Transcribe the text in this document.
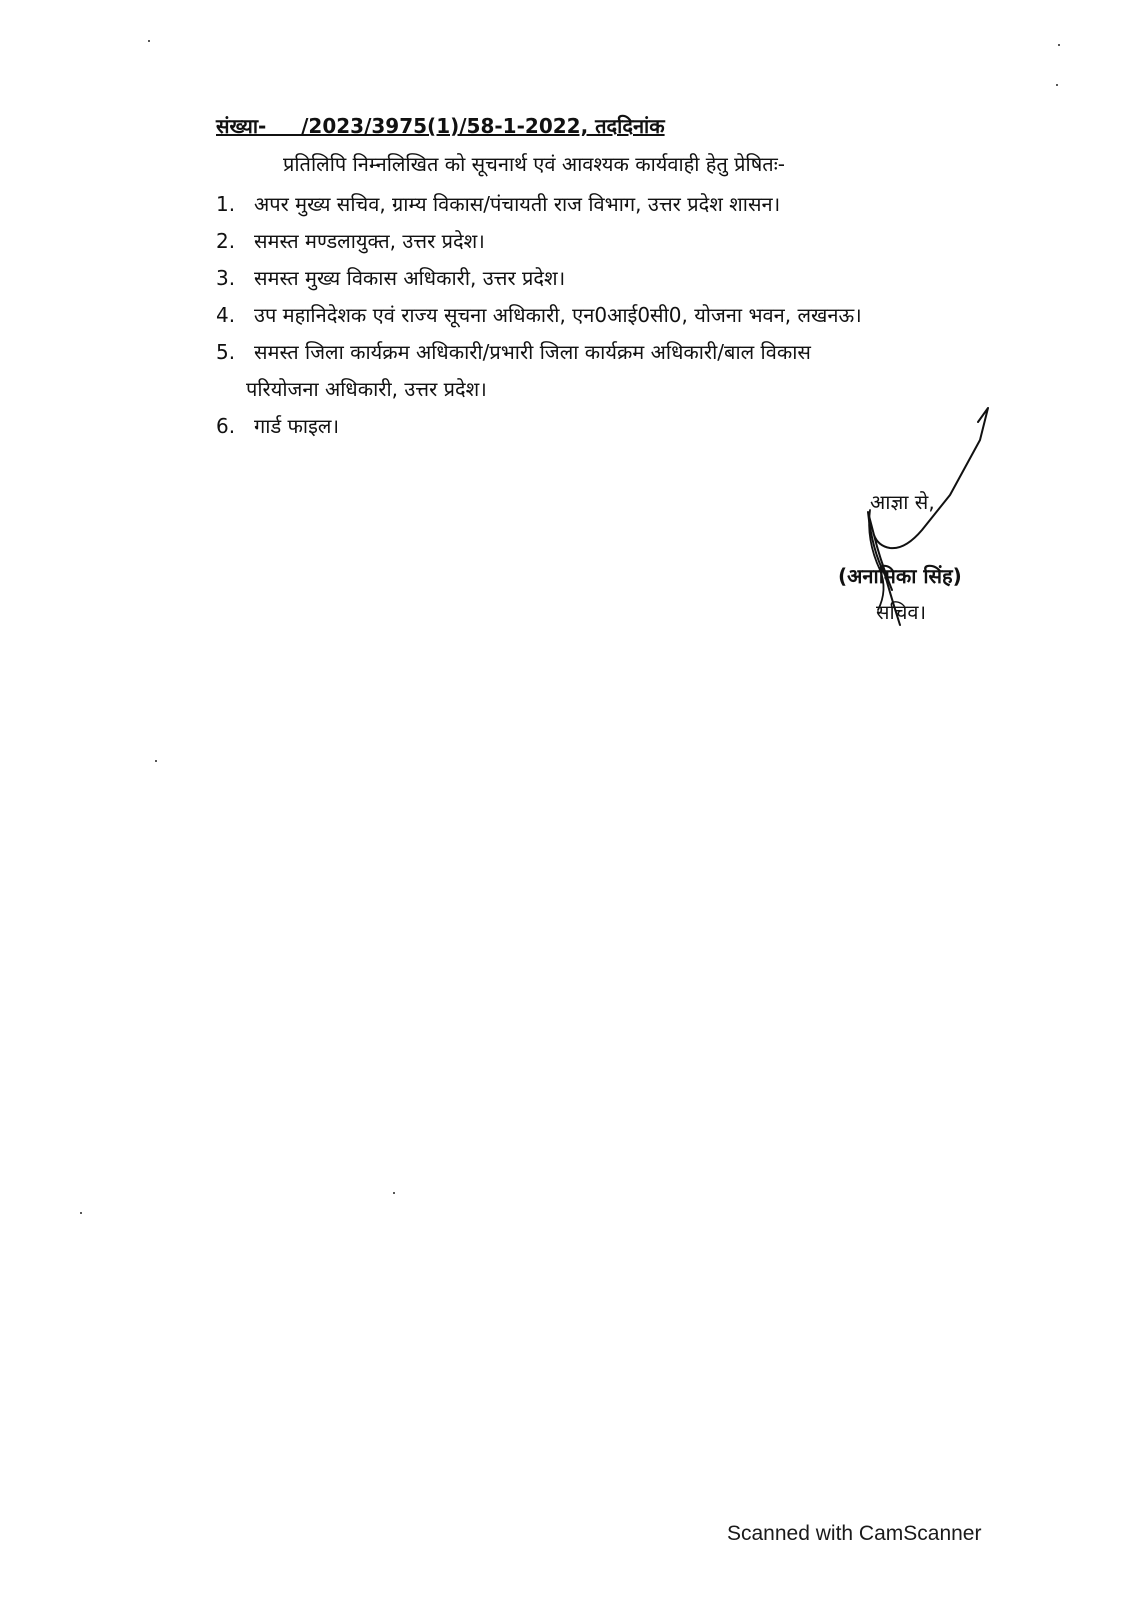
संख्या-     /2023/3975(1)/58-1-2022, तददिनांक
प्रतिलिपि निम्नलिखित को सूचनार्थ एवं आवश्यक कार्यवाही हेतु प्रेषितः-
1. अपर मुख्य सचिव, ग्राम्य विकास/पंचायती राज विभाग, उत्तर प्रदेश शासन।
2. समस्त मण्डलायुक्त, उत्तर प्रदेश।
3. समस्त मुख्य विकास अधिकारी, उत्तर प्रदेश।
4. उप महानिदेशक एवं राज्य सूचना अधिकारी, एन0आई0सी0, योजना भवन, लखनऊ।
5. समस्त जिला कार्यक्रम अधिकारी/प्रभारी जिला कार्यक्रम अधिकारी/बाल विकास
परियोजना अधिकारी, उत्तर प्रदेश।
6. गार्ड फाइल।
आज्ञा से,
(अनामिका सिंह)
सचिव।
Scanned with CamScanner
